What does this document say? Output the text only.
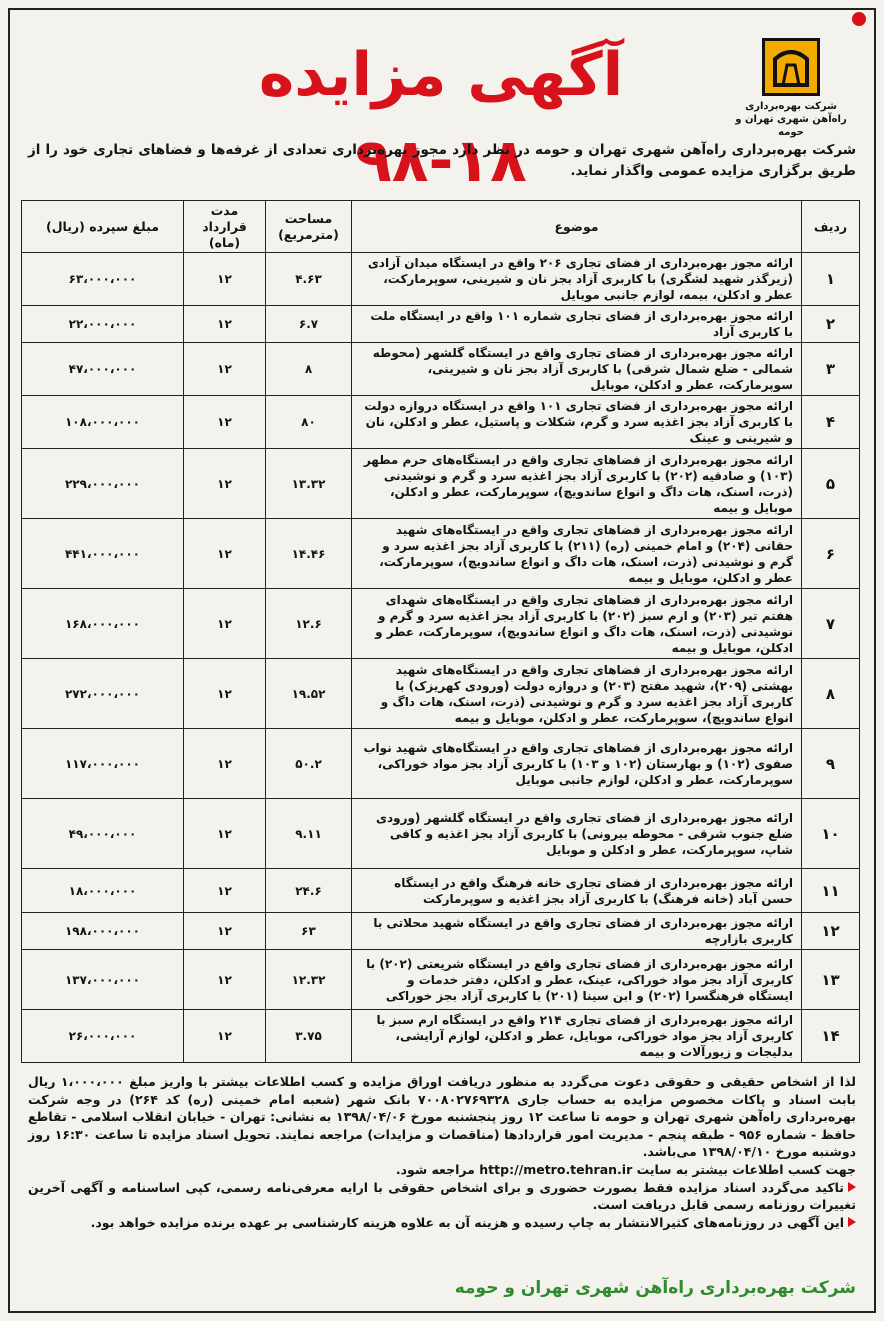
شرکت بهره‌برداری
راه‌آهن شهری تهران و حومه
آگهی مزایده ۱۸-۹۸
شرکت بهره‌برداری راه‌آهن شهری تهران و حومه در نظر دارد مجوز بهره‌برداری تعدادی از غرفه‌ها و فضاهای تجاری خود را از طریق برگزاری مزایده عمومی واگذار نماید.
ردیف	موضوع	مساحت (مترمربع)	مدت قرارداد (ماه)	مبلغ سپرده (ریال)
۱	ارائه مجوز بهره‌برداری از فضای تجاری ۲۰۶ واقع در ایستگاه میدان آزادی (زیرگذر شهید لشگری) با کاربری آزاد بجز نان و شیرینی، سوپرمارکت، عطر و ادکلن، بیمه، لوازم جانبی موبایل	۴.۶۳	۱۲	۶۳،۰۰۰،۰۰۰
۲	ارائه مجوز بهره‌برداری از فضای تجاری شماره ۱۰۱ واقع در ایستگاه ملت با کاربری آزاد	۶.۷	۱۲	۲۲،۰۰۰،۰۰۰
۳	ارائه مجوز بهره‌برداری از فضای تجاری واقع در ایستگاه گلشهر (محوطه شمالی - ضلع شمال شرقی) با کاربری آزاد بجز نان و شیرینی، سوپرمارکت، عطر و ادکلن، موبایل	۸	۱۲	۴۷،۰۰۰،۰۰۰
۴	ارائه مجوز بهره‌برداری از فضای تجاری ۱۰۱ واقع در ایستگاه دروازه دولت با کاربری آزاد بجز اغذیه سرد و گرم، شکلات و پاستیل، عطر و ادکلن، نان و شیرینی و عینک	۸۰	۱۲	۱۰۸،۰۰۰،۰۰۰
۵	ارائه مجوز بهره‌برداری از فضاهای تجاری واقع در ایستگاه‌های حرم مطهر (۱۰۳) و صادقیه (۲۰۲) با کاربری آزاد بجز اغذیه سرد و گرم و نوشیدنی (ذرت، اسنک، هات داگ و انواع ساندویچ)، سوپرمارکت، عطر و ادکلن، موبایل و بیمه	۱۳.۳۲	۱۲	۲۲۹،۰۰۰،۰۰۰
۶	ارائه مجوز بهره‌برداری از فضاهای تجاری واقع در ایستگاه‌های شهید حقانی (۲۰۴) و امام خمینی (ره) (۲۱۱) با کاربری آزاد بجز اغذیه سرد و گرم و نوشیدنی (ذرت، اسنک، هات داگ و انواع ساندویچ)، سوپرمارکت، عطر و ادکلن، موبایل و بیمه	۱۴.۴۶	۱۲	۴۴۱،۰۰۰،۰۰۰
۷	ارائه مجوز بهره‌برداری از فضاهای تجاری واقع در ایستگاه‌های شهدای هفتم تیر (۲۰۳) و ارم سبز (۲۰۲) با کاربری آزاد بجز اغذیه سرد و گرم و نوشیدنی (ذرت، اسنک، هات داگ و انواع ساندویچ)، سوپرمارکت، عطر و ادکلن، موبایل و بیمه	۱۲.۶	۱۲	۱۶۸،۰۰۰،۰۰۰
۸	ارائه مجوز بهره‌برداری از فضاهای تجاری واقع در ایستگاه‌های شهید بهشتی (۲۰۹)، شهید مفتح (۲۰۳) و دروازه دولت (ورودی کهریزک) با کاربری آزاد بجز اغذیه سرد و گرم و نوشیدنی (ذرت، اسنک، هات داگ و انواع ساندویچ)، سوپرمارکت، عطر و ادکلن، موبایل و بیمه	۱۹.۵۲	۱۲	۲۷۲،۰۰۰،۰۰۰
۹	ارائه مجوز بهره‌برداری از فضاهای تجاری واقع در ایستگاه‌های شهید نواب صفوی (۱۰۲) و بهارستان (۱۰۲ و ۱۰۳) با کاربری آزاد بجز مواد خوراکی، سوپرمارکت، عطر و ادکلن، لوازم جانبی موبایل	۵۰.۲	۱۲	۱۱۷،۰۰۰،۰۰۰
۱۰	ارائه مجوز بهره‌برداری از فضای تجاری واقع در ایستگاه گلشهر (ورودی ضلع جنوب شرقی - محوطه بیرونی) با کاربری آزاد بجز اغذیه و کافی شاپ، سوپرمارکت، عطر و ادکلن و موبایل	۹.۱۱	۱۲	۴۹،۰۰۰،۰۰۰
۱۱	ارائه مجوز بهره‌برداری از فضای تجاری خانه فرهنگ واقع در ایستگاه حسن آباد (خانه فرهنگ) با کاربری آزاد بجز اغذیه و سوپرمارکت	۲۴.۶	۱۲	۱۸،۰۰۰،۰۰۰
۱۲	ارائه مجوز بهره‌برداری از فضای تجاری واقع در ایستگاه شهید محلاتی با کاربری بازارچه	۶۳	۱۲	۱۹۸،۰۰۰،۰۰۰
۱۳	ارائه مجوز بهره‌برداری از فضای تجاری واقع در ایستگاه شریعتی (۲۰۲) با کاربری آزاد بجز مواد خوراکی، عینک، عطر و ادکلن، دفتر خدمات و ایستگاه فرهنگسرا (۲۰۲) و ابن سینا (۲۰۱) با کاربری آزاد بجز خوراکی	۱۲.۳۲	۱۲	۱۳۷،۰۰۰،۰۰۰
۱۴	ارائه مجوز بهره‌برداری از فضای تجاری ۲۱۴ واقع در ایستگاه ارم سبز با کاربری آزاد بجز مواد خوراکی، موبایل، عطر و ادکلن، لوازم آرایشی، بدلیجات و زیورآلات و بیمه	۳.۷۵	۱۲	۲۶،۰۰۰،۰۰۰

لذا از اشخاص حقیقی و حقوقی دعوت می‌گردد به منظور دریافت اوراق مزایده و کسب اطلاعات بیشتر با واریز مبلغ ۱،۰۰۰،۰۰۰ ریال بابت اسناد و پاکات مخصوص مزایده به حساب جاری ۷۰۰۸۰۲۷۶۹۳۲۸ بانک شهر (شعبه امام خمینی (ره) کد ۲۶۴) در وجه شرکت بهره‌برداری راه‌آهن شهری تهران و حومه تا ساعت ۱۲ روز پنجشنبه مورخ ۱۳۹۸/۰۴/۰۶ به نشانی: تهران - خیابان انقلاب اسلامی - تقاطع حافظ - شماره ۹۵۶ - طبقه پنجم - مدیریت امور قراردادها (مناقصات و مزایدات) مراجعه نمایند. تحویل اسناد مزایده تا ساعت ۱۶:۳۰ روز دوشنبه مورخ ۱۳۹۸/۰۴/۱۰ می‌باشد.

جهت کسب اطلاعات بیشتر به سایت http://metro.tehran.ir مراجعه شود.

تاکید می‌گردد اسناد مزایده فقط بصورت حضوری و برای اشخاص حقوقی با ارایه معرفی‌نامه رسمی، کپی اساسنامه و آگهی آخرین تغییرات روزنامه رسمی قابل دریافت است.

این آگهی در روزنامه‌های کثیرالانتشار به چاپ رسیده و هزینه آن به علاوه هزینه کارشناسی بر عهده برنده مزایده خواهد بود.

شرکت بهره‌برداری راه‌آهن شهری تهران و حومه
